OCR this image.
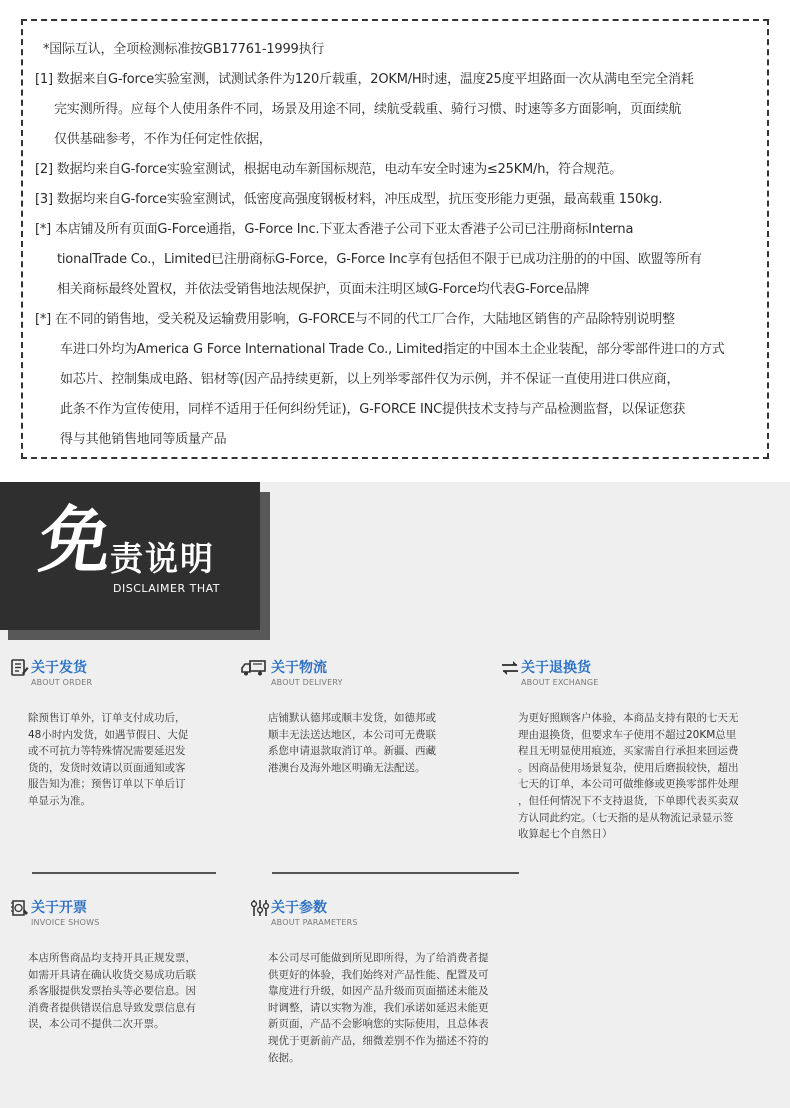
*国际互认，全项检测标准按GB17761-1999执行
[1] 数据来自G-force实验室测，试测试条件为120斤载重，2OKM/H时速，温度25度平坦路面一次从满电至完全消耗
完实测所得。应每个人使用条件不同，场景及用途不同，续航受载重、骑行习惯、时速等多方面影响，页面续航
仅供基础参考，不作为任何定性依据，
[2] 数据均来自G-force实验室测试，根据电动车新国标规范，电动车安全时速为≤25KM/h，符合规范。
[3] 数据均来自G-force实验室测试，低密度高强度钢板材料，冲压成型，抗压变形能力更强，最高载重 150kg.
[*] 本店铺及所有页面G-Force通指，G-Force Inc.下亚太香港子公司下亚太香港子公司已注册商标Interna
tionalTrade Co.，Limited已注册商标G-Force，G-Force Inc享有包括但不限于已成功注册的的中国、欧盟等所有
相关商标最终处置权，并依法受销售地法规保护，页面未注明区域G-Force均代表G-Force品牌
[*] 在不同的销售地，受关税及运输费用影响，G-FORCE与不同的代工厂合作，大陆地区销售的产品除特别说明整
车进口外均为America G Force International Trade Co., Limited指定的中国本土企业装配，部分零部件进口的方式
如芯片、控制集成电路、铝材等(因产品持续更新，以上列举零部件仅为示例，并不保证一直使用进口供应商，
此条不作为宣传使用，同样不适用于任何纠纷凭证)，G-FORCE INC提供技术支持与产品检测监督，以保证您获
得与其他销售地同等质量产品
免
责说明
DISCLAIMER THAT
关于发货
ABOUT ORDER
除预售订单外，订单支付成功后，
48小时内发货，如遇节假日、大促
或不可抗力等特殊情况需要延迟发
货的，发货时效请以页面通知或客
服告知为准；预售订单以下单后订
单显示为准。
关于物流
ABOUT DELIVERY
店铺默认德邦或顺丰发货，如德邦或
顺丰无法送达地区，本公司可无费联
系您申请退款取消订单。新疆、西藏
港澳台及海外地区明确无法配送。
关于退换货
ABOUT EXCHANGE
为更好照顾客户体验，本商品支持有限的七天无
理由退换货，但要求车子使用不超过20KM总里
程且无明显使用痕迹，买家需自行承担来回运费
。因商品使用场景复杂，使用后磨损较快，超出
七天的订单，本公司可做维修或更换零部件处理
，但任何情况下不支持退货，下单即代表买卖双
方认同此约定。（七天指的是从物流记录显示签
收算起七个自然日）
关于开票
INVOICE SHOWS
本店所售商品均支持开具正规发票，
如需开具请在确认收货交易成功后联
系客服提供发票抬头等必要信息。因
消费者提供错误信息导致发票信息有
误，本公司不提供二次开票。
关于参数
ABOUT PARAMETERS
本公司尽可能做到所见即所得，为了给消费者提
供更好的体验，我们始终对产品性能、配置及可
靠度进行升级，如因产品升级而页面描述未能及
时调整，请以实物为准，我们承诺如延迟未能更
新页面，产品不会影响您的实际使用，且总体表
现优于更新前产品，细微差别不作为描述不符的
依据。
